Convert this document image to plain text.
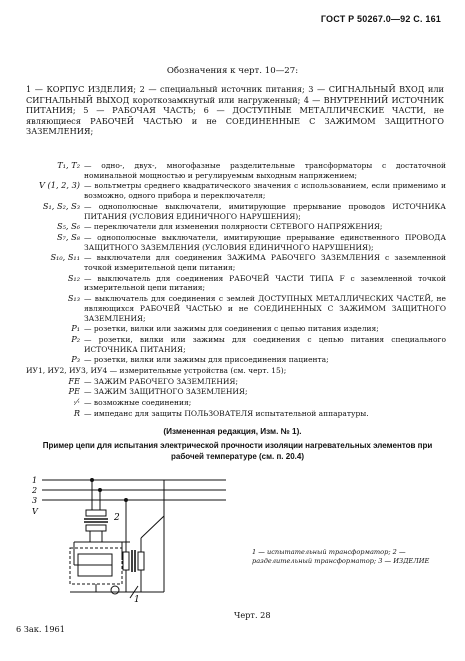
ГОСТ Р 50267.0—92 С. 161
Обозначения к черт. 10—27:
1 — КОРПУС ИЗДЕЛИЯ; 2 — специальный источник питания; 3 — СИГНАЛЬНЫЙ ВХОД или СИГНАЛЬНЫЙ ВЫХОД короткозамкнутый или нагруженный; 4 — ВНУТРЕННИЙ ИСТОЧНИК ПИТАНИЯ; 5 — РАБОЧАЯ ЧАСТЬ; 6 — ДОСТУПНЫЕ МЕТАЛЛИЧЕСКИЕ ЧАСТИ, не являющиеся РАБОЧЕЙ ЧАСТЬЮ и не СОЕДИНЕННЫЕ С ЗАЖИМОМ ЗАЩИТНОГО ЗАЗЕМЛЕНИЯ;
T₁, T₂ — одно-, двух-, многофазные разделительные трансформаторы с достаточной номинальной мощностью и регулируемым выходным напряжением;
V (1, 2, 3) — вольтметры среднего квадратического значения с использованием, если применимо и возможно, одного прибора и переключателя;
S₁, S₂, S₃ — однополюсные выключатели, имитирующие прерывание проводов ИСТОЧНИКА ПИТАНИЯ (УСЛОВИЯ ЕДИНИЧНОГО НАРУШЕНИЯ);
S₅, S₆ — переключатели для изменения полярности СЕТЕВОГО НАПРЯЖЕНИЯ;
S₇, S₈ — однополюсные выключатели, имитирующие прерывание единственного ПРОВОДА ЗАЩИТНОГО ЗАЗЕМЛЕНИЯ (УСЛОВИЯ ЕДИНИЧНОГО НАРУШЕНИЯ);
S₁₀, S₁₁ — выключатели для соединения ЗАЖИМА РАБОЧЕГО ЗАЗЕМЛЕНИЯ с заземленной точкой измерительной цепи питания;
S₁₂ — выключатель для соединения РАБОЧЕЙ ЧАСТИ ТИПА F с заземленной точкой измерительной цепи питания;
S₁₃ — выключатель для соединения с землей ДОСТУПНЫХ МЕТАЛЛИЧЕСКИХ ЧАСТЕЙ, не являющихся РАБОЧЕЙ ЧАСТЬЮ и не СОЕДИНЕННЫХ С ЗАЖИМОМ ЗАЩИТНОГО ЗАЗЕМЛЕНИЯ;
P₁ — розетки, вилки или зажимы для соединения с цепью питания изделия;
P₂ — розетки, вилки или зажимы для соединения с цепью питания специального ИСТОЧНИКА ПИТАНИЯ;
P₃ — розетки, вилки или зажимы для присоединения пациента;
ИУ1, ИУ2, ИУ3, ИУ4 — измерительные устройства (см. черт. 15);
FE — ЗАЖИМ РАБОЧЕГО ЗАЗЕМЛЕНИЯ;
PE — ЗАЖИМ ЗАЩИТНОГО ЗАЗЕМЛЕНИЯ;
·⁄· — возможные соединения;
R — импеданс для защиты ПОЛЬЗОВАТЕЛЯ испытательной аппаратуры.
(Измененная редакция, Изм. № 1).
Пример цепи для испытания электрической прочности изоляции нагревательных элементов при рабочей температуре (см. п. 20.4)
1
2
3
V
2
1
1 — испытательный трансформатор; 2 — разделительный трансформатор; 3 — ИЗДЕЛИЕ
Черт. 28
6 Зак. 1961
